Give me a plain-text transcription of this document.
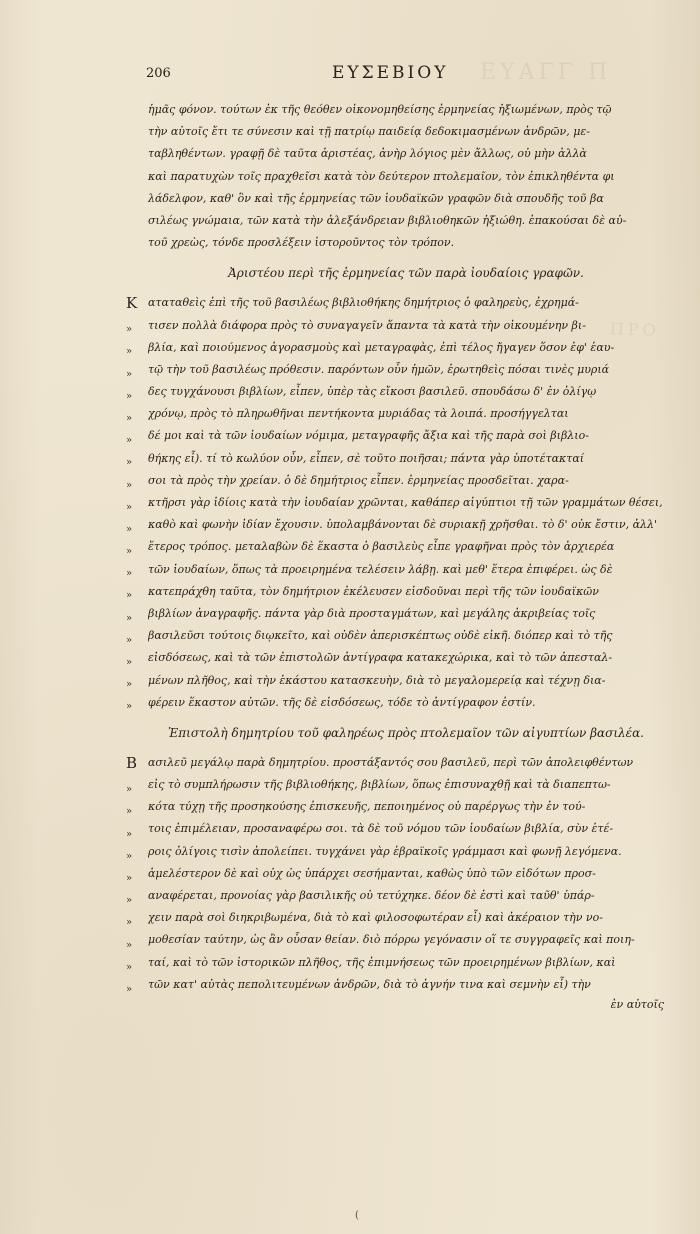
ΕΥΑΓΓ Π
ΠΡΟ
206	ΕΥΣΕΒΙΟΥ
ἡμᾶς φόνον. τούτων ἐκ τῆς θεόθεν οἰκονομηθείσης ἑρμηνείας ἠξιωμένων, πρὸς τῷ
τὴν αὐτοῖς ἔτι τε σύνεσιν καὶ τῇ πατρίῳ παιδείᾳ δεδοκιμασμένων ἀνδρῶν, με-
ταβληθέντων. γραφῇ δὲ ταῦτα ἀριστέας, ἀνὴρ λόγιος μὲν ἄλλως, οὐ μὴν ἀλλὰ
καὶ παρατυχὼν τοῖς πραχθεῖσι κατὰ τὸν δεύτερον πτολεμαῖον, τὸν ἐπικληθέντα φι
λάδελφον, καθ' ὃν καὶ τῆς ἑρμηνείας τῶν ἰουδαϊκῶν γραφῶν διὰ σπουδῆς τοῦ βα
σιλέως γνώμαια, τῶν κατὰ τὴν ἀλεξάνδρειαν βιβλιοθηκῶν ἠξιώθη. ἐπακούσαι δὲ αὐ-
τοῦ χρεὼς, τόνδε προσλέξειν ἱστοροῦντος τὸν τρόπον.
Ἀριστέου περὶ τῆς ἑρμηνείας τῶν παρὰ ἰουδαίοις γραφῶν.
K αταταθεὶς ἐπὶ τῆς τοῦ βασιλέως βιβλιοθήκης δημήτριος ὁ φαληρεὺς, ἐχρημά-
τισεν πολλὰ διάφορα πρὸς τὸ συναγαγεῖν ἅπαντα τὰ κατὰ τὴν οἰκουμένην βι-
βλία, καὶ ποιούμενος ἀγορασμοὺς καὶ μεταγραφὰς, ἐπὶ τέλος ἤγαγεν ὅσον ἐφ' ἑαυ-
τῷ τὴν τοῦ βασιλέως πρόθεσιν. παρόντων οὖν ἡμῶν, ἐρωτηθεὶς πόσαι τινὲς μυριά
δες τυγχάνουσι βιβλίων, εἶπεν, ὑπὲρ τὰς εἴκοσι βασιλεῦ. σπουδάσω δ' ἐν ὀλίγῳ
χρόνῳ, πρὸς τὸ πληρωθῆναι πεντήκοντα μυριάδας τὰ λοιπά. προσήγγελται
δέ μοι καὶ τὰ τῶν ἰουδαίων νόμιμα, μεταγραφῆς ἄξια καὶ τῆς παρὰ σοὶ βιβλιο-
θήκης εἶ). τί τὸ κωλύον οὖν, εἶπεν, σὲ τοῦτο ποιῆσαι; πάντα γὰρ ὑποτέτακταί
σοι τὰ πρὸς τὴν χρείαν. ὁ δὲ δημήτριος εἶπεν. ἑρμηνείας προσδεῖται. χαρα-
κτῆρσι γὰρ ἰδίοις κατὰ τὴν ἰουδαίαν χρῶνται, καθάπερ αἰγύπτιοι τῇ τῶν γραμμάτων θέσει,
καθὸ καὶ φωνὴν ἰδίαν ἔχουσιν. ὑπολαμβάνονται δὲ συριακῇ χρῆσθαι. τὸ δ' οὐκ ἔστιν, ἀλλ'
ἕτερος τρόπος. μεταλαβὼν δὲ ἕκαστα ὁ βασιλεὺς εἶπε γραφῆναι πρὸς τὸν ἀρχιερέα
τῶν ἰουδαίων, ὅπως τὰ προειρημένα τελέσειν λάβῃ. καὶ μεθ' ἕτερα ἐπιφέρει. ὡς δὲ
κατεπράχθη ταῦτα, τὸν δημήτριον ἐκέλευσεν εἰσδοῦναι περὶ τῆς τῶν ἰουδαϊκῶν
βιβλίων ἀναγραφῆς. πάντα γὰρ διὰ προσταγμάτων, καὶ μεγάλης ἀκριβείας τοῖς
βασιλεῦσι τούτοις διῳκεῖτο, καὶ οὐδὲν ἀπερισκέπτως οὐδὲ εἰκῆ. διόπερ καὶ τὸ τῆς
εἰσδόσεως, καὶ τὰ τῶν ἐπιστολῶν ἀντίγραφα κατακεχώρικα, καὶ τὸ τῶν ἀπεσταλ-
μένων πλῆθος, καὶ τὴν ἑκάστου κατασκευὴν, διὰ τὸ μεγαλομερείᾳ καὶ τέχνῃ δια-
φέρειν ἕκαστον αὐτῶν. τῆς δὲ εἰσδόσεως, τόδε τὸ ἀντίγραφον ἐστίν.
»
»
»
»
»
»
»
»
»
»
»
»
»
»
»
»
»
»
Ἐπιστολὴ δημητρίου τοῦ φαληρέως πρὸς πτολεμαῖον τῶν αἰγυπτίων βασιλέα.
B ασιλεῦ μεγάλῳ παρὰ δημητρίου. προστάξαντός σου βασιλεῦ, περὶ τῶν ἀπολειφθέντων
εἰς τὸ συμπλήρωσιν τῆς βιβλιοθήκης, βιβλίων, ὅπως ἐπισυναχθῇ καὶ τὰ διαπεπτω-
κότα τύχῃ τῆς προσηκούσης ἐπισκευῆς, πεποιημένος οὐ παρέργως τὴν ἐν τού-
τοις ἐπιμέλειαν, προσαναφέρω σοι. τὰ δὲ τοῦ νόμου τῶν ἰουδαίων βιβλία, σὺν ἑτέ-
ροις ὀλίγοις τισὶν ἀπολείπει. τυγχάνει γὰρ ἑβραϊκοῖς γράμμασι καὶ φωνῇ λεγόμενα.
ἀμελέστερον δὲ καὶ οὐχ ὡς ὑπάρχει σεσήμανται, καθὼς ὑπὸ τῶν εἰδότων προσ-
αναφέρεται, προνοίας γὰρ βασιλικῆς οὐ τετύχηκε. δέον δὲ ἐστὶ καὶ ταῦθ' ὑπάρ-
χειν παρὰ σοὶ διηκριβωμένα, διὰ τὸ καὶ φιλοσοφωτέραν εἶ) καὶ ἀκέραιον τὴν νο-
μοθεσίαν ταύτην, ὡς ἂν οὖσαν θείαν. διὸ πόρρω γεγόνασιν οἵ τε συγγραφεῖς καὶ ποιη-
ταί, καὶ τὸ τῶν ἱστορικῶν πλῆθος, τῆς ἐπιμνήσεως τῶν προειρημένων βιβλίων, καὶ
τῶν κατ' αὐτὰς πεπολιτευμένων ἀνδρῶν, διὰ τὸ ἁγνήν τινα καὶ σεμνὴν εἶ) τὴν
»
»
»
»
»
»
»
»
»
»
ἐν αὐτοῖς
(
